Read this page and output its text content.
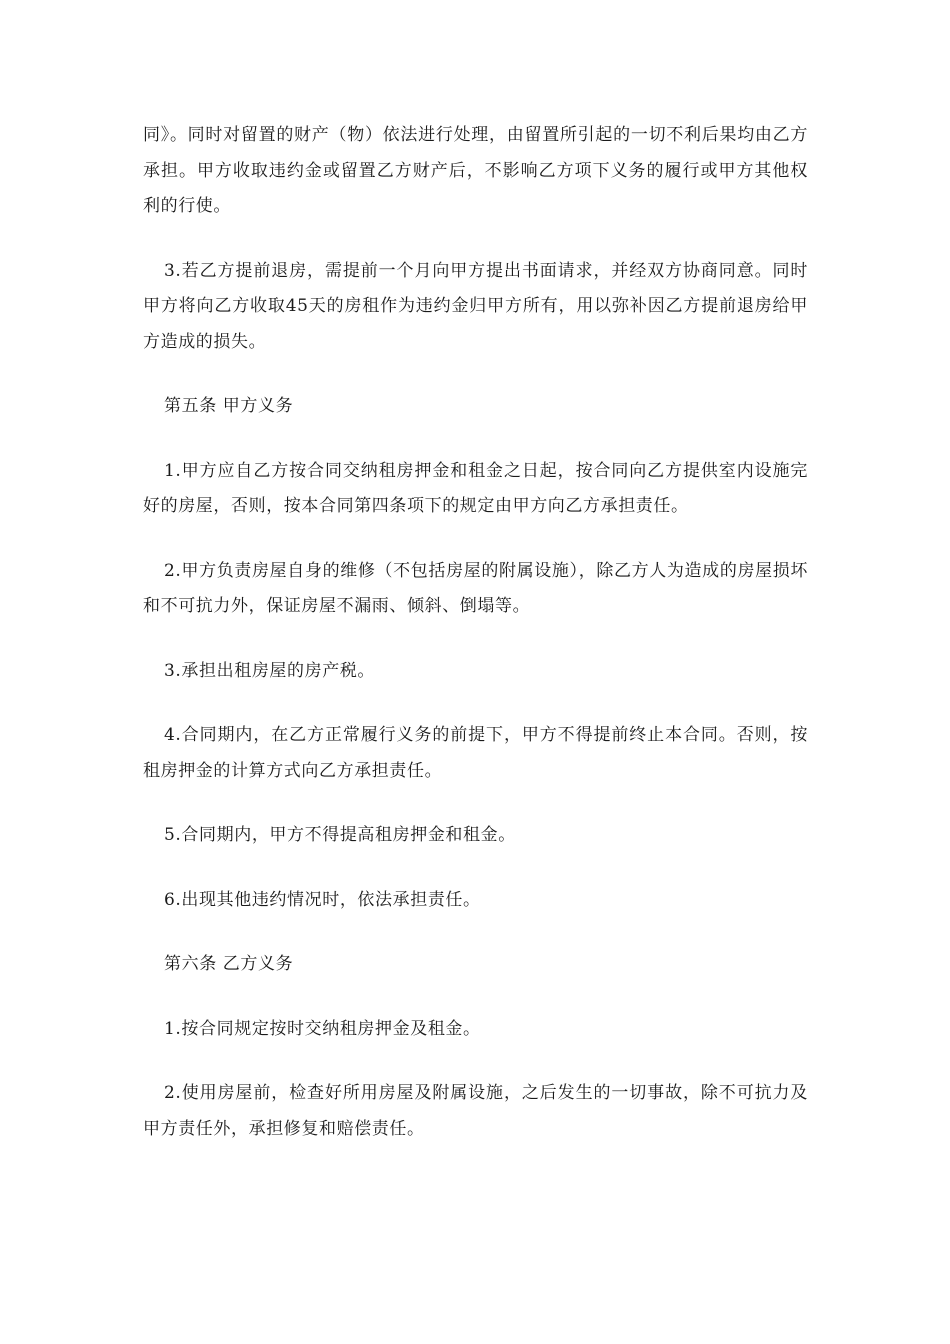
同》。同时对留置的财产（物）依法进行处理，由留置所引起的一切不利后果均由乙方承担。甲方收取违约金或留置乙方财产后，不影响乙方项下义务的履行或甲方其他权利的行使。

3.若乙方提前退房，需提前一个月向甲方提出书面请求，并经双方协商同意。同时甲方将向乙方收取45天的房租作为违约金归甲方所有，用以弥补因乙方提前退房给甲方造成的损失。

第五条 甲方义务

1.甲方应自乙方按合同交纳租房押金和租金之日起，按合同向乙方提供室内设施完好的房屋，否则，按本合同第四条项下的规定由甲方向乙方承担责任。

2.甲方负责房屋自身的维修（不包括房屋的附属设施），除乙方人为造成的房屋损坏和不可抗力外，保证房屋不漏雨、倾斜、倒塌等。

3.承担出租房屋的房产税。

4.合同期内，在乙方正常履行义务的前提下，甲方不得提前终止本合同。否则，按租房押金的计算方式向乙方承担责任。

5.合同期内，甲方不得提高租房押金和租金。

6.出现其他违约情况时，依法承担责任。

第六条 乙方义务

1.按合同规定按时交纳租房押金及租金。

2.使用房屋前，检查好所用房屋及附属设施，之后发生的一切事故，除不可抗力及甲方责任外，承担修复和赔偿责任。
